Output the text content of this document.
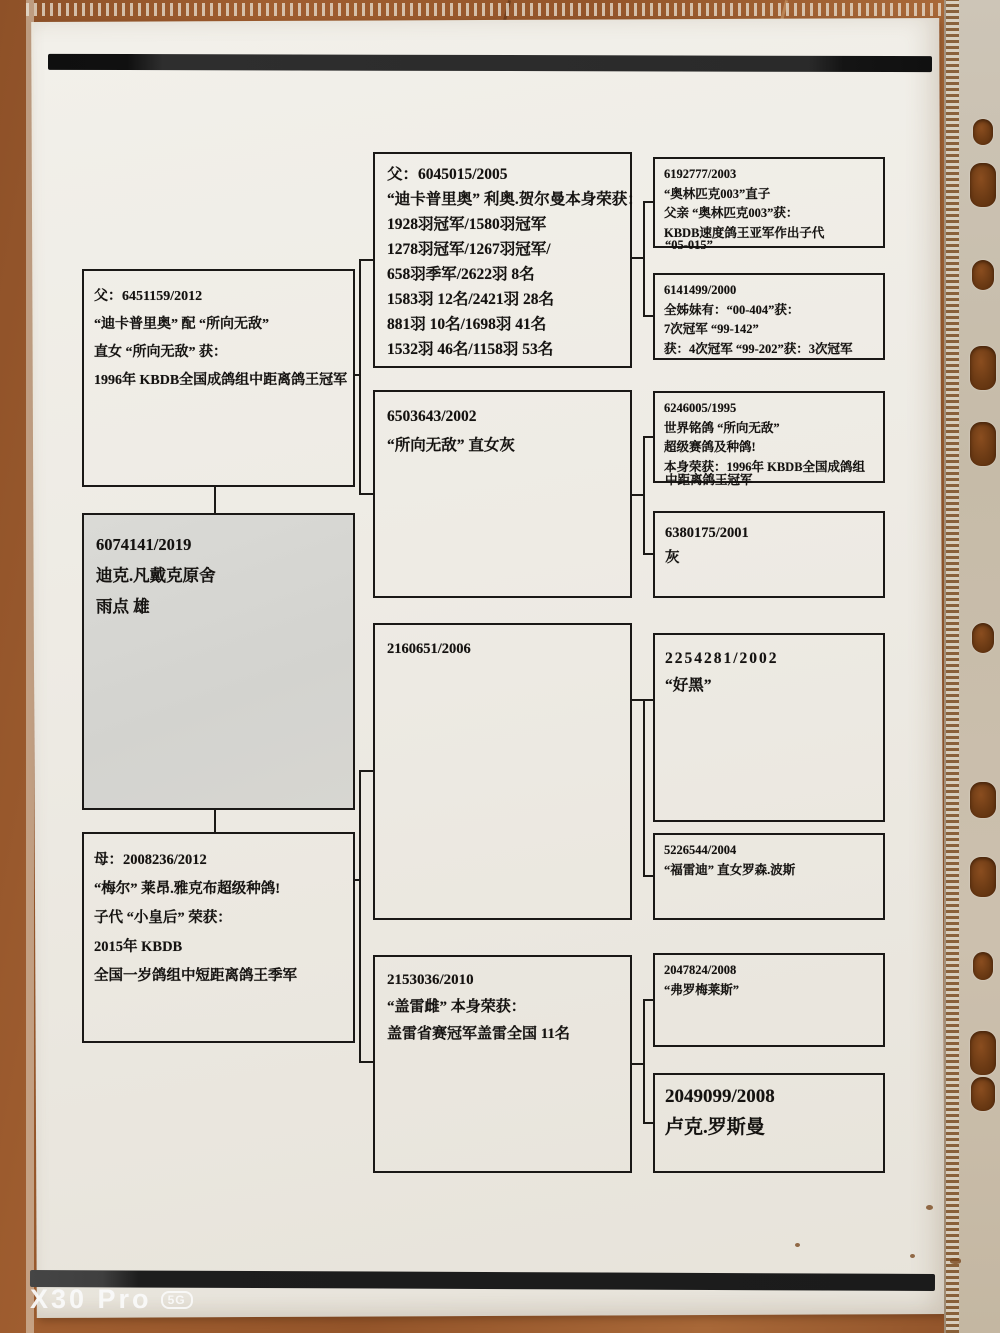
父：6451159/2012
“迪卡普里奥” 配 “所向无敌”
直女 “所向无敌” 获：
1996年 KBDB全国成鸽组中距离鸽王冠军
6074141/2019
迪克.凡戴克原舍
雨点 雄
母：2008236/2012
“梅尔” 莱昂.雅克布超级种鸽!
子代 “小皇后” 荣获：
2015年 KBDB
全国一岁鸽组中短距离鸽王季军
父：6045015/2005
“迪卡普里奥” 利奥.贺尔曼本身荣获：
1928羽冠军/1580羽冠军
1278羽冠军/1267羽冠军/
658羽季军/2622羽 8名
1583羽 12名/2421羽 28名
881羽 10名/1698羽 41名
1532羽 46名/1158羽 53名
6503643/2002
“所向无敌” 直女灰
2160651/2006
2153036/2010
“盖雷雌” 本身荣获：
盖雷省赛冠军盖雷全国 11名
6192777/2003
“奥林匹克003”直子
父亲 “奥林匹克003”获：
KBDB速度鸽王亚军作出子代
“05-015”
6141499/2000
全姊妹有：“00-404”获：
7次冠军 “99-142”
获：4次冠军 “99-202”获：3次冠军
6246005/1995
世界铭鸽 “所向无敌”
超级赛鸽及种鸽!
本身荣获：1996年 KBDB全国成鸽组
中距离鸽王冠军
6380175/2001
灰
2254281/2002
“好黑”
5226544/2004
“福雷迪” 直女罗森.波斯
2047824/2008
“弗罗梅莱斯”
2049099/2008
卢克.罗斯曼
X30 Pro 5G
